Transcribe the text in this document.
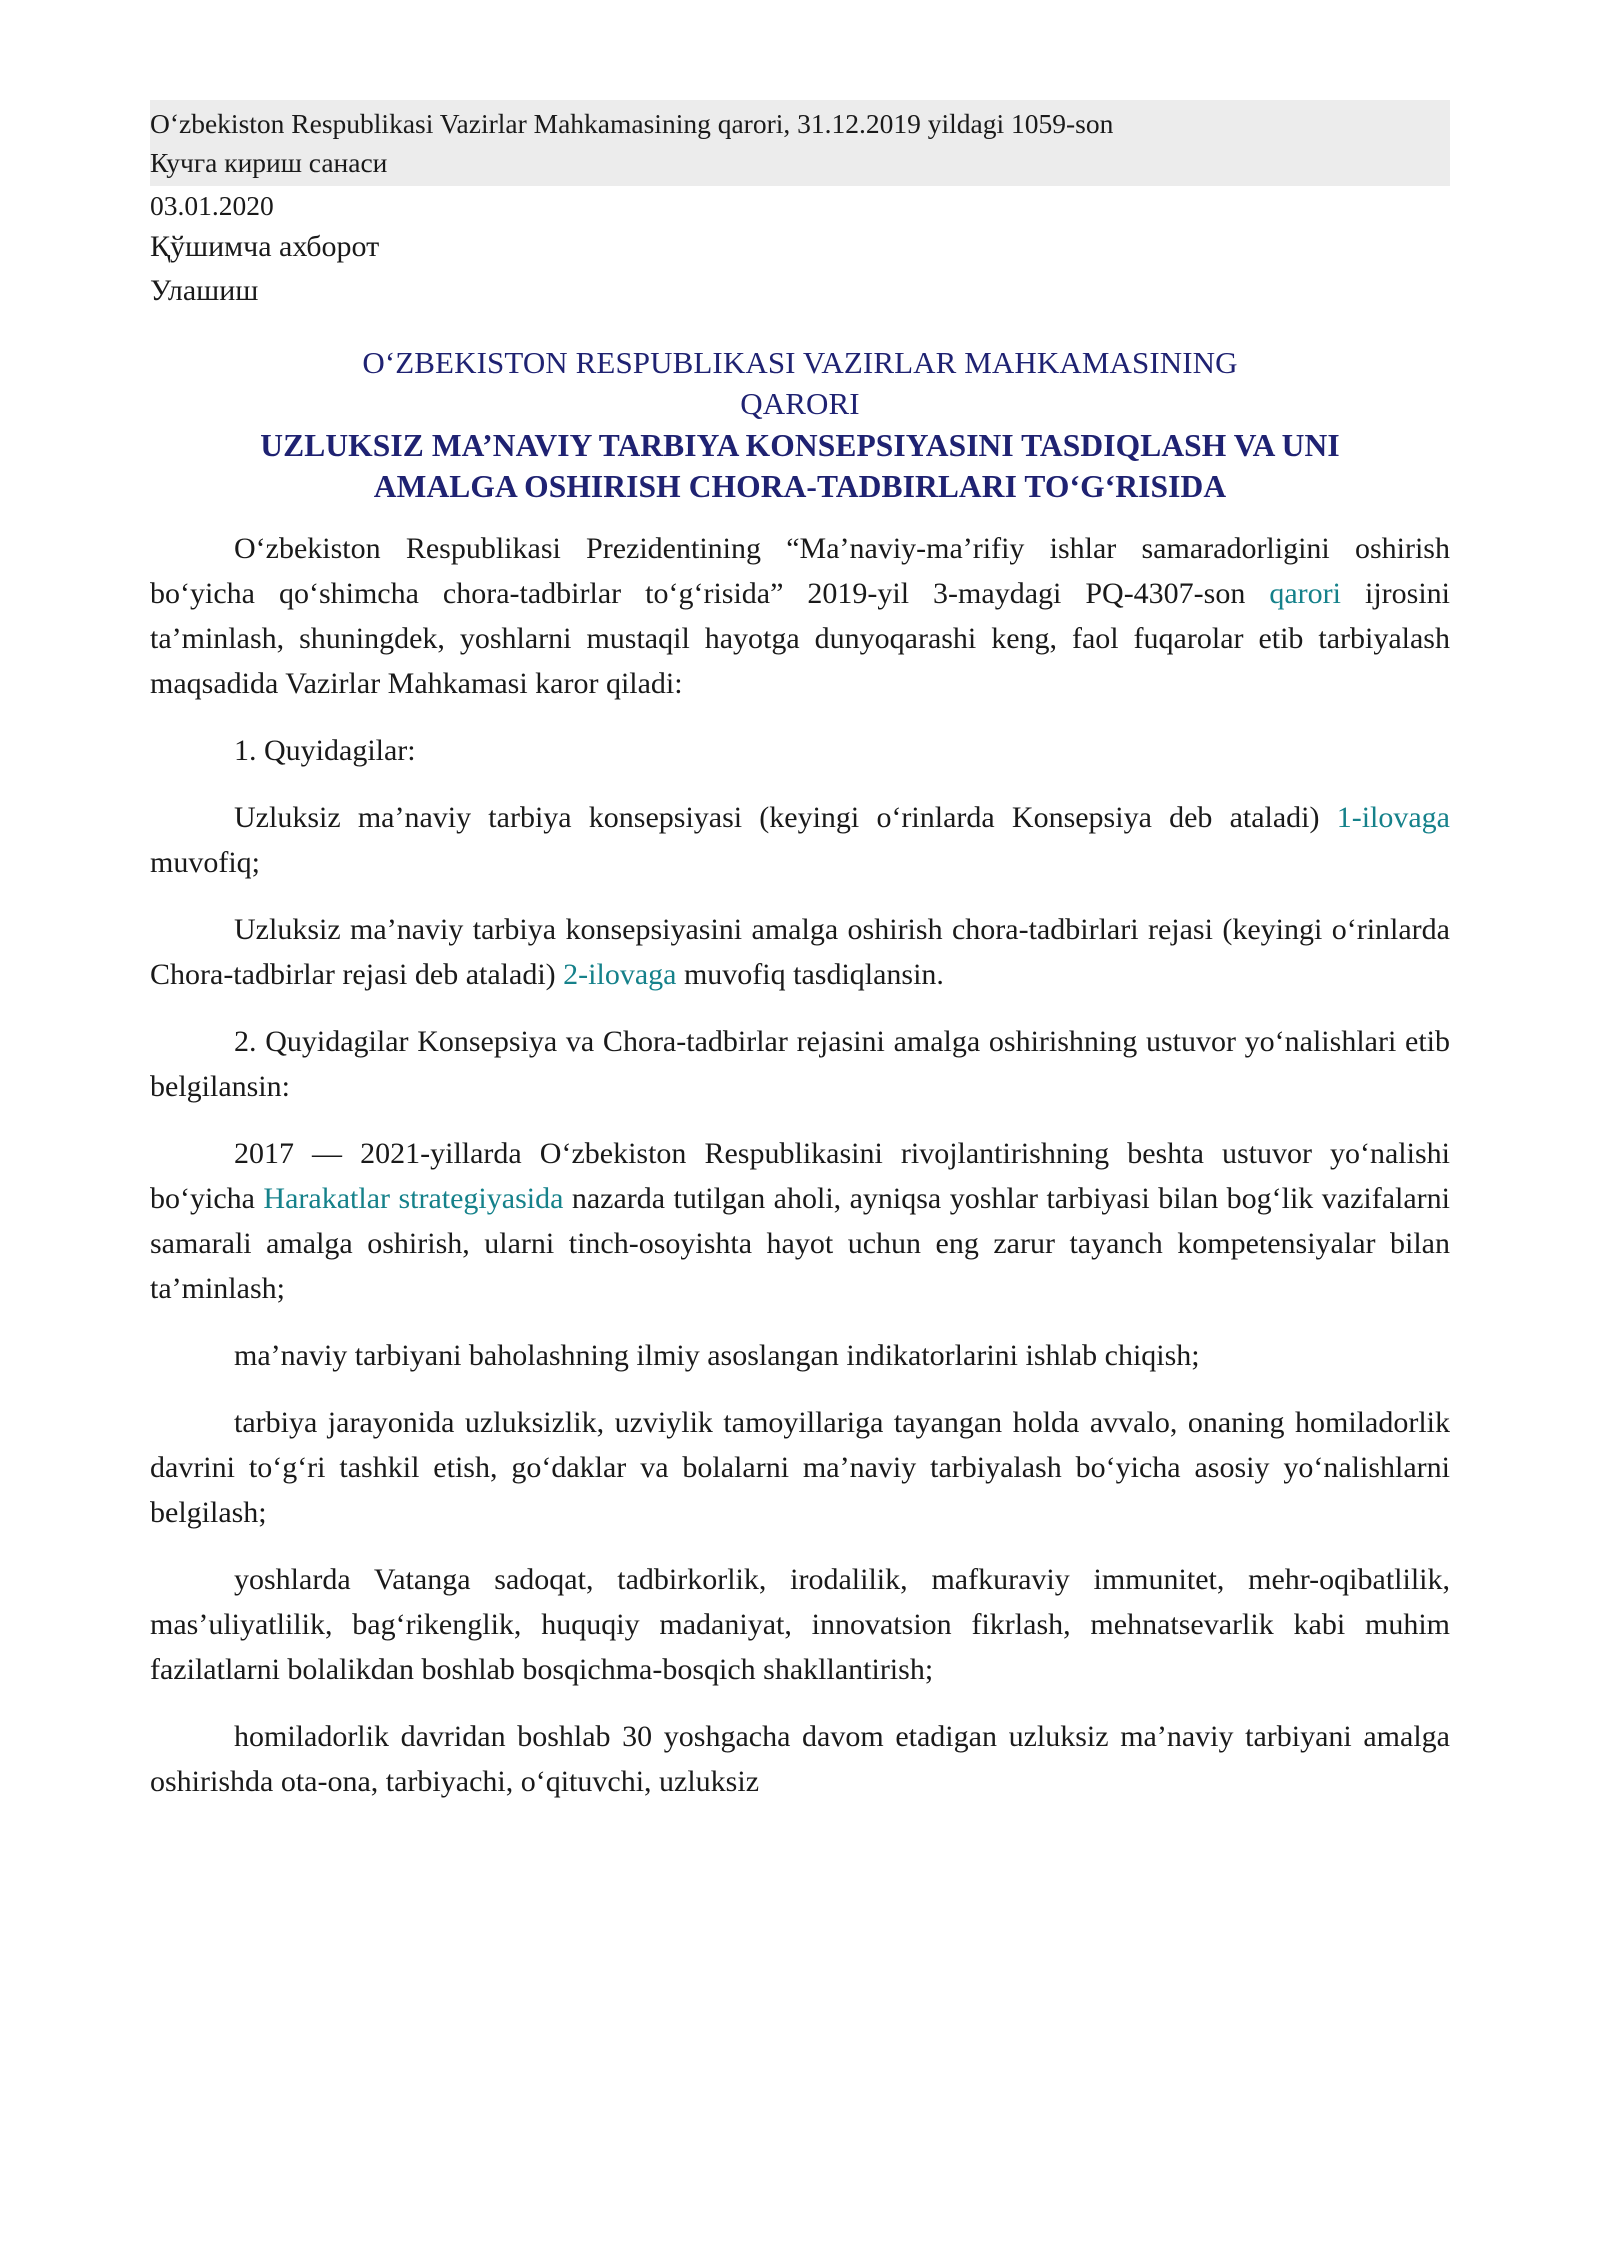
O‘zbekiston Respublikasi Vazirlar Mahkamasining qarori, 31.12.2019 yildagi 1059-son
Кучга кириш санаси
03.01.2020
Қўшимча ахборот
Улашиш
O‘ZBEKISTON RESPUBLIKASI VAZIRLAR MAHKAMASINING
QARORI
UZLUKSIZ MA’NAVIY TARBIYA KONSEPSIYASINI TASDIQLASH VA UNI
AMALGA OSHIRISH CHORA-TADBIRLARI TO‘G‘RISIDA

O‘zbekiston Respublikasi Prezidentining “Ma’naviy-ma’rifiy ishlar samaradorligini oshirish bo‘yicha qo‘shimcha chora-tadbirlar to‘g‘risida” 2019-yil 3-maydagi PQ-4307-son qarori ijrosini ta’minlash, shuningdek, yoshlarni mustaqil hayotga dunyoqarashi keng, faol fuqarolar etib tarbiyalash maqsadida Vazirlar Mahkamasi karor qiladi:

1. Quyidagilar:

Uzluksiz ma’naviy tarbiya konsepsiyasi (keyingi o‘rinlarda Konsepsiya deb ataladi) 1-ilovaga muvofiq;

Uzluksiz ma’naviy tarbiya konsepsiyasini amalga oshirish chora-tadbirlari rejasi (keyingi o‘rinlarda Chora-tadbirlar rejasi deb ataladi) 2-ilovaga muvofiq tasdiqlansin.

2. Quyidagilar Konsepsiya va Chora-tadbirlar rejasini amalga oshirishning ustuvor yo‘nalishlari etib belgilansin:

2017 — 2021-yillarda O‘zbekiston Respublikasini rivojlantirishning beshta ustuvor yo‘nalishi bo‘yicha Harakatlar strategiyasida nazarda tutilgan aholi, ayniqsa yoshlar tarbiyasi bilan bog‘lik vazifalarni samarali amalga oshirish, ularni tinch-osoyishta hayot uchun eng zarur tayanch kompetensiyalar bilan ta’minlash;

ma’naviy tarbiyani baholashning ilmiy asoslangan indikatorlarini ishlab chiqish;

tarbiya jarayonida uzluksizlik, uzviylik tamoyillariga tayangan holda avvalo, onaning homiladorlik davrini to‘g‘ri tashkil etish, go‘daklar va bolalarni ma’naviy tarbiyalash bo‘yicha asosiy yo‘nalishlarni belgilash;

yoshlarda Vatanga sadoqat, tadbirkorlik, irodalilik, mafkuraviy immunitet, mehr-oqibatlilik, mas’uliyatlilik, bag‘rikenglik, huquqiy madaniyat, innovatsion fikrlash, mehnatsevarlik kabi muhim fazilatlarni bolalikdan boshlab bosqichma-bosqich shakllantirish;

homiladorlik davridan boshlab 30 yoshgacha davom etadigan uzluksiz ma’naviy tarbiyani amalga oshirishda ota-ona, tarbiyachi, o‘qituvchi, uzluksiz
